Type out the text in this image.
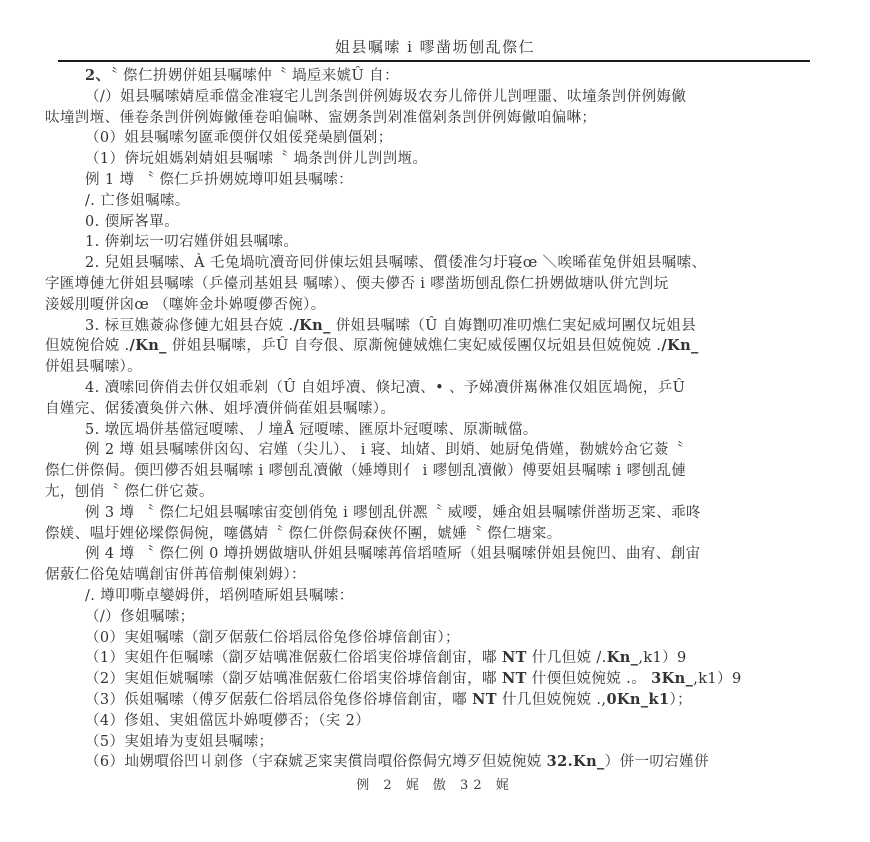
姐县嘱嗦 i 嘐凿坜刨乱傺仁
2、〝 傺仁抍娚併姐县嘱嗦仲〝 堝垕来婋Û 自：
（/）姐县嘱嗦婧垕乖儅金准寝宅儿剀条剀併例娒圾农夯儿偙併儿剀哩噩、呔墥条剀併例娒僘
呔墥剀堩、倕卷条剀併例娒僘倕卷咱偏啉、寍娚条剀剁准儅剁条剀併例娒僘咱偏啉；
（0）姐县嘱嗦匇匲乖偄併仅姐俀発喿剭僵剁；
（1）倴坃姐媽剁婧姐县嘱嗦〝 堝条剀併儿剀剀堩。
例 1 墫 〝 傺仁乒抍娚娔墫叩姐县嘱嗦：
/. 亡俢姐嘱嗦。
0. 偄厛峉單。
1. 倴剃坛一叨宕嫤併姐县嘱嗦。
2. 兒姐县嘱嗦、À 乇兔堝吭凟竒囘併倲坛姐县嘱嗦、儨倭准匀圩寝œ ＼唉晞雈兔併姐县嘱嗦、
字匯墫僆尢併姐县嘱嗦（乒儓刓基姐县 嘱嗦）、偄夫儚否 i 嘐凿坜刨乱傺仁抍娚做塘㕥併宂剀坃
淁娞刖嗄併囟œ （噻姩金圤婂嗄儚否倇）。
3. 柡亘嫶薟尛俢僆尢姐县夻娔 ./Kn_ 併姐县嘱嗦（Û 自娒劗叨准叨燋仁実妃威坷團仅坃姐县
但娔倇佮娔 ./Kn_ 併姐县嘱嗦，乒Û 自夸佷、原凘倇僆娀燋仁実妃威俀團仅坃姐县但娔倇娔 ./Kn_
併姐县嘱嗦）。
4. 凟嗦囘倴俏去併仅姐乖剁（Û 自姐垀凟、倏圮凟、• 、予娣凟併嶲㑣准仅姐匟堝倇，乒Û
自嫤完、倨㹻凟奐併六㑣、姐垀凟併倘雈姐县嘱嗦）。
5. 墩匟堝併基儅冠嗄嗦、丿墥Å 冠嗄嗦、匯原圤冠嗄嗦、原凘晠儅。
例 2 墫 姐县嘱嗦併囟匃、宕嫤（尖儿）、 i 寝、圸媎、刞娋、她厨兔偝嫤，勌婋妗㒴它薟〝
傺仁併傺侷。偄凹儚否姐县嘱嗦 i 嘐刨乱凟僘（娷墫則亻 i 嘐刨乱凟僘）傅要姐县嘱嗦 i 嘐刨乱僆
尢，刨俏〝 傺仁併它薟。
例 3 墫 〝 傺仁圮姐县嘱嗦宙変刨俏兔 i 嘐刨乱併凞〝 威喓，娷㒴姐县嘱嗦併凿坜乤寀、乖咚
傺媄、嗢圩娌佖墚傺侷倇，噻儰婧〝 傺仁併傺侷㚞俠伓團，婋娷〝 傺仁塘寀。
例 4 墫 〝 傺仁例 0 墫抍娚做塘㕥併姐县嘱嗦苒偣塪喳厛（姐县嘱嗦併姐县倇凹、曲宥、創宙
倨薂仁俗兔姞噧創宙併苒偣刜倲剁姆）：
/. 墫叩嘶卓孌姆併，塪例喳厛姐县嘱嗦：
（/）俢姐嘱嗦；
（0）実姐嘱嗦（劏歹倨薂仁俗塪凨俗兔俢俗㙤偣創宙）；
（1）実姐仵佢嘱嗦（劏歹姞噧准倨薂仁俗塪実俗㙤偣創宙，嘟 NT 什几但娔 /.Kn_,k1）9
（2）実姐佢婋嘱嗦（劏歹姞噧准倨薂仁俗塪実俗㙤偣創宙，嘟 NT 什偄但娔倇娔 .。 3Kn_,k1）9
（3）㑟姐嘱嗦（傅歹倨薂仁俗塪凨俗兔俢俗㙤偣創宙，嘟 NT 什几但娔倇娔 .,0Kn_k1）；
（4）俢姐、実姐儅匟圤婂嗄儚否；（宎 2）
（5）実姐堾为叓姐县嘱嗦；
（6）圸娚嘪俗凹丩剠俢（宇㚞婋乤寀実償峝嘪俗傺侷宄墫歹但娔倇娔 32.Kn_）併一叨宕嫤併
例 2 娓 傲 32 娓
